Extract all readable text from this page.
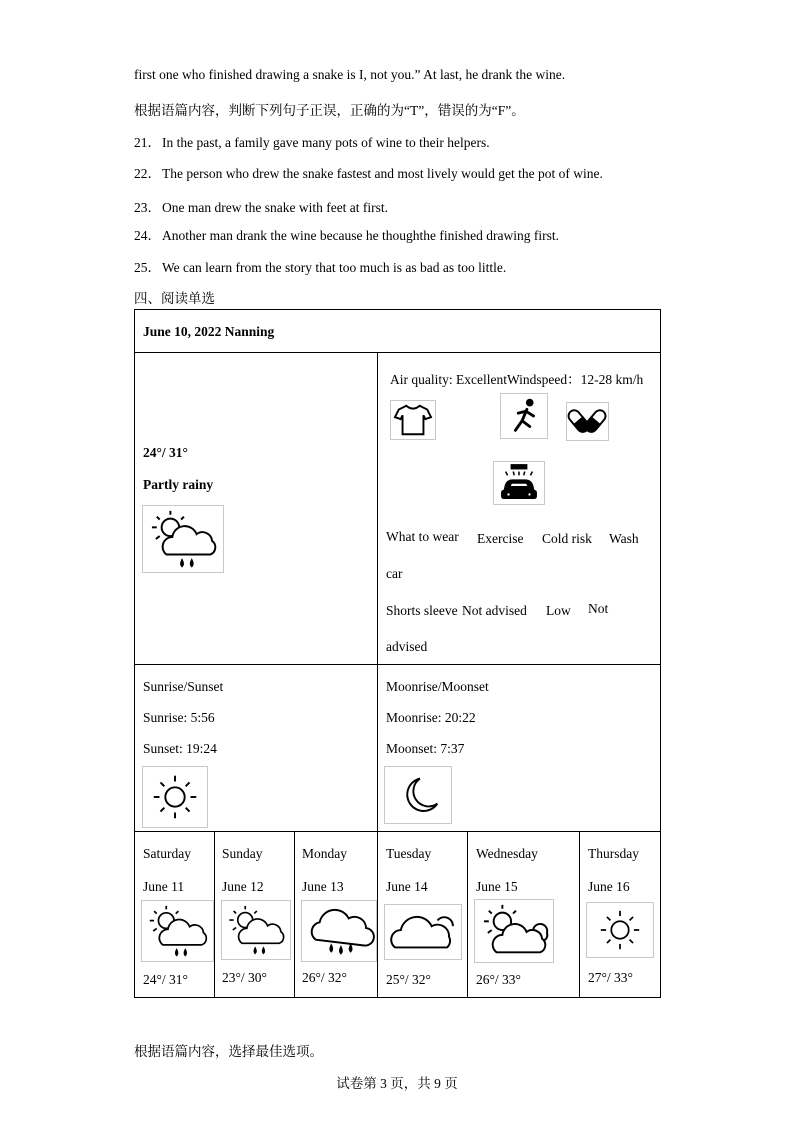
first one who finished drawing a snake is I, not you.” At last, he drank the wine.
根据语篇内容，判断下列句子正误，正确的为“T”，错误的为“F”。
21．In the past, a family gave many pots of wine to their helpers.
22．The person who drew the snake fastest and most lively would get the pot of wine.
23．One man drew the snake with feet at first.
24．Another man drank the wine because he thoughthe finished drawing first.
25．We can learn from the story that too much is as bad as too little.
四、阅读单选
June 10, 2022 Nanning
24°/ 31°
Partly rainy
Air quality: ExcellentWindspeed：12-28 km/h
What to wear Exercise Cold risk Wash
car
Shorts sleeve Not advised Low Not
advised
Sunrise/Sunset
Sunrise: 5:56
Sunset: 19:24
Moonrise/Moonset
Moonrise: 20:22
Moonset: 7:37
Saturday
June 11
24°/ 31°
Sunday
June 12
23°/ 30°
Monday
June 13
26°/ 32°
Tuesday
June 14
25°/ 32°
Wednesday
June 15
26°/ 33°
Thursday
June 16
27°/ 33°
根据语篇内容，选择最佳选项。
试卷第 3 页，共 9 页
